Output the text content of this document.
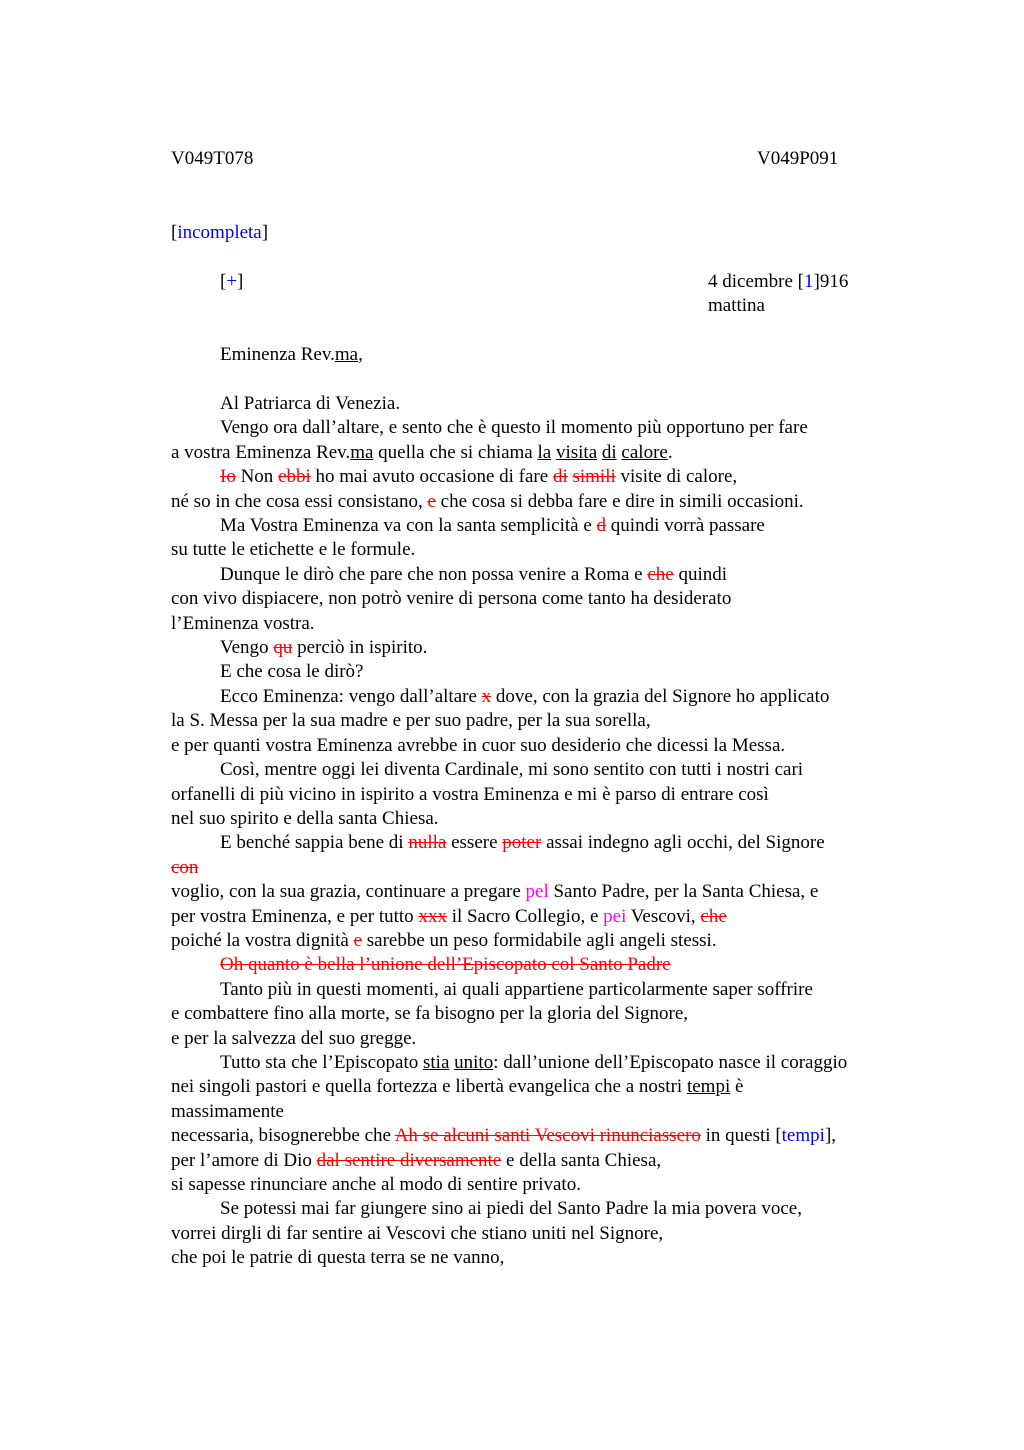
V049T078	V049P091
[incompleta]
[+]	4 dicembre [1]916
mattina
Eminenza Rev.ma,

Al Patriarca di Venezia.

Vengo ora dall’altare, e sento che è questo il momento più opportuno per fare

a vostra Eminenza Rev.ma quella che si chiama la visita di calore.

Io Non ebbi ho mai avuto occasione di fare di simili visite di calore,

né so in che cosa essi consistano, e che cosa si debba fare e dire in simili occasioni.

Ma Vostra Eminenza va con la santa semplicità e d quindi vorrà passare

su tutte le etichette e le formule.

Dunque le dirò che pare che non possa venire a Roma e che quindi

con vivo dispiacere, non potrò venire di persona come tanto ha desiderato

l’Eminenza vostra.

Vengo qu perciò in ispirito.

E che cosa le dirò?

Ecco Eminenza: vengo dall’altare x dove, con la grazia del Signore ho applicato

la S. Messa per la sua madre e per suo padre, per la sua sorella,

e per quanti vostra Eminenza avrebbe in cuor suo desiderio che dicessi la Messa.

Così, mentre oggi lei diventa Cardinale, mi sono sentito con tutti i nostri cari

orfanelli di più vicino in ispirito a vostra Eminenza e mi è parso di entrare così

nel suo spirito e della santa Chiesa.

E benché sappia bene di nulla essere poter assai indegno agli occhi, del Signore

con

voglio, con la sua grazia, continuare a pregare pel Santo Padre, per la Santa Chiesa, e

per vostra Eminenza, e per tutto xxx il Sacro Collegio, e pei Vescovi, che

poiché la vostra dignità e sarebbe un peso formidabile agli angeli stessi.

Oh quanto è bella l’unione dell’Episcopato col Santo Padre

Tanto più in questi momenti, ai quali appartiene particolarmente saper soffrire

e combattere fino alla morte, se fa bisogno per la gloria del Signore,

e per la salvezza del suo gregge.

Tutto sta che l’Episcopato stia unito: dall’unione dell’Episcopato nasce il coraggio

nei singoli pastori e quella fortezza e libertà evangelica che a nostri tempi è

massimamente

necessaria, bisognerebbe che Ah se alcuni santi Vescovi rinunciassero in questi [tempi],

per l’amore di Dio dal sentire diversamente e della santa Chiesa,

si sapesse rinunciare anche al modo di sentire privato.

Se potessi mai far giungere sino ai piedi del Santo Padre la mia povera voce,

vorrei dirgli di far sentire ai Vescovi che stiano uniti nel Signore,

che poi le patrie di questa terra se ne vanno,
